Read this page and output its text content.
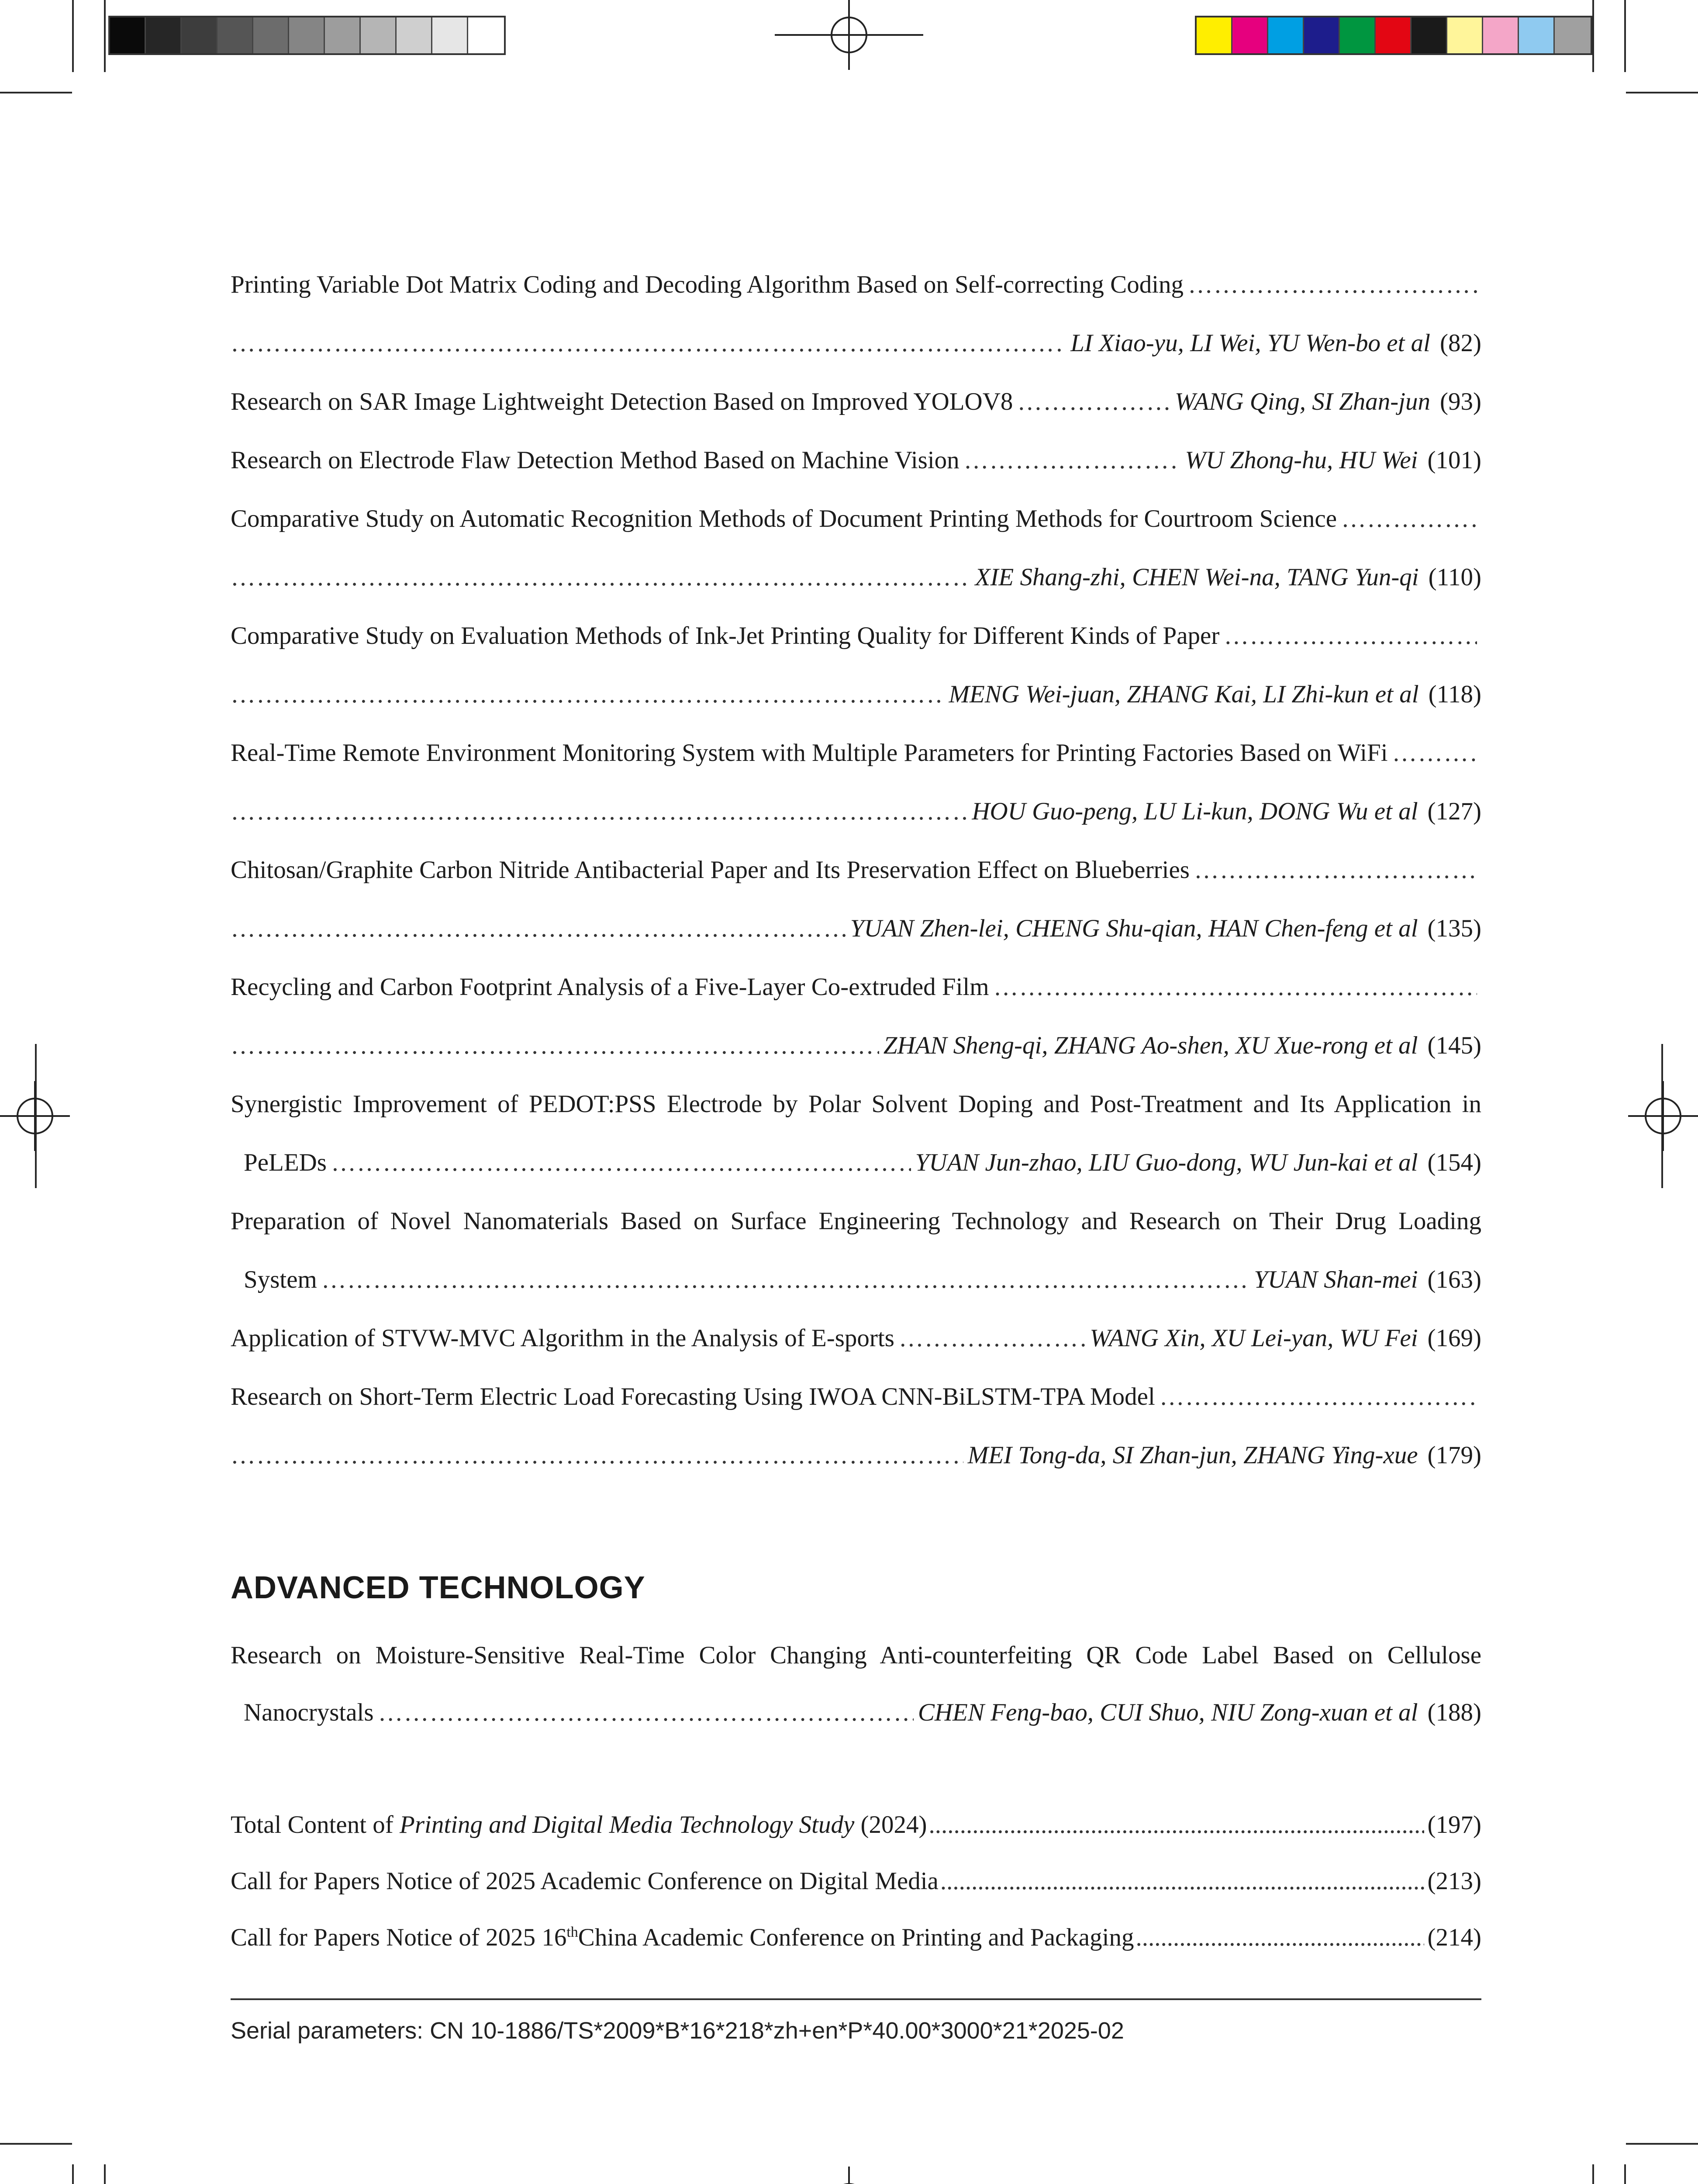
Printing Variable Dot Matrix Coding and Decoding Algorithm Based on Self-correcting Coding
……………………………………………………………………………………………………………………………………………………………………………………………………………………………………………………………………………………………………………………
……………………………………………………………………………………………………………………………………………………………………………………………………………………………………………………………………………………………………………………
LI Xiao-yu, LI Wei, YU Wen-bo et al (82)
Research on SAR Image Lightweight Detection Based on Improved YOLOV8 ……………………………………………………………………………………………………………………………………………………………………………………………………………………………………………………………………………………………………………………	WANG Qing, SI Zhan-jun (93)
Research on Electrode Flaw Detection Method Based on Machine Vision ……………………………………………………………………………………………………………………………………………………………………………………………………………………………………………………………………………………………………………………	WU Zhong-hu, HU Wei (101)
Comparative Study on Automatic Recognition Methods of Document Printing Methods for Courtroom Science
……………………………………………………………………………………………………………………………………………………………………………………………………………………………………………………………………………………………………………………
……………………………………………………………………………………………………………………………………………………………………………………………………………………………………………………………………………………………………………………
XIE Shang-zhi, CHEN Wei-na, TANG Yun-qi (110)
Comparative Study on Evaluation Methods of Ink-Jet Printing Quality for Different Kinds of Paper
……………………………………………………………………………………………………………………………………………………………………………………………………………………………………………………………………………………………………………………
……………………………………………………………………………………………………………………………………………………………………………………………………………………………………………………………………………………………………………………
MENG Wei-juan, ZHANG Kai, LI Zhi-kun et al (118)
Real-Time Remote Environment Monitoring System with Multiple Parameters for Printing Factories Based on WiFi
……………………………………………………………………………………………………………………………………………………………………………………………………………………………………………………………………………………………………………………
……………………………………………………………………………………………………………………………………………………………………………………………………………………………………………………………………………………………………………………
HOU Guo-peng, LU Li-kun, DONG Wu et al (127)
Chitosan/Graphite Carbon Nitride Antibacterial Paper and Its Preservation Effect on Blueberries
……………………………………………………………………………………………………………………………………………………………………………………………………………………………………………………………………………………………………………………
……………………………………………………………………………………………………………………………………………………………………………………………………………………………………………………………………………………………………………………
YUAN Zhen-lei, CHENG Shu-qian, HAN Chen-feng et al (135)
Recycling and Carbon Footprint Analysis of a Five-Layer Co-extruded Film
……………………………………………………………………………………………………………………………………………………………………………………………………………………………………………………………………………………………………………………
……………………………………………………………………………………………………………………………………………………………………………………………………………………………………………………………………………………………………………………
ZHAN Sheng-qi, ZHANG Ao-shen, XU Xue-rong et al (145)
Synergistic Improvement of PEDOT:PSS Electrode by Polar Solvent Doping and Post-Treatment and Its Application in
PeLEDs ……………………………………………………………………………………………………………………………………………………………………………………………………………………………………………………………………………………………………………………	YUAN Jun-zhao, LIU Guo-dong, WU Jun-kai et al (154)
Preparation of Novel Nanomaterials Based on Surface Engineering Technology and Research on Their Drug Loading
System ……………………………………………………………………………………………………………………………………………………………………………………………………………………………………………………………………………………………………………………	YUAN Shan-mei (163)
Application of STVW-MVC Algorithm in the Analysis of E-sports ……………………………………………………………………………………………………………………………………………………………………………………………………………………………………………………………………………………………………………………	WANG Xin, XU Lei-yan, WU Fei (169)
Research on Short-Term Electric Load Forecasting Using IWOA CNN-BiLSTM-TPA Model
……………………………………………………………………………………………………………………………………………………………………………………………………………………………………………………………………………………………………………………
……………………………………………………………………………………………………………………………………………………………………………………………………………………………………………………………………………………………………………………
MEI Tong-da, SI Zhan-jun, ZHANG Ying-xue (179)
ADVANCED TECHNOLOGY
Research on Moisture-Sensitive Real-Time Color Changing Anti-counterfeiting QR Code Label Based on Cellulose
Nanocrystals ……………………………………………………………………………………………………………………………………………………………………………………………………………………………………………………………………………………………………………………	CHEN Feng-bao, CUI Shuo, NIU Zong-xuan et al (188)
Total Content of Printing and Digital Media Technology Study (2024) .....	(197)
Call for Papers Notice of 2025 Academic Conference on Digital Media .....	(213)
Call for Papers Notice of 2025 16thChina Academic Conference on Printing and Packaging .....	(214)
Serial parameters: CN 10-1886/TS*2009*B*16*218*zh+en*P*40.00*3000*21*2025-02
